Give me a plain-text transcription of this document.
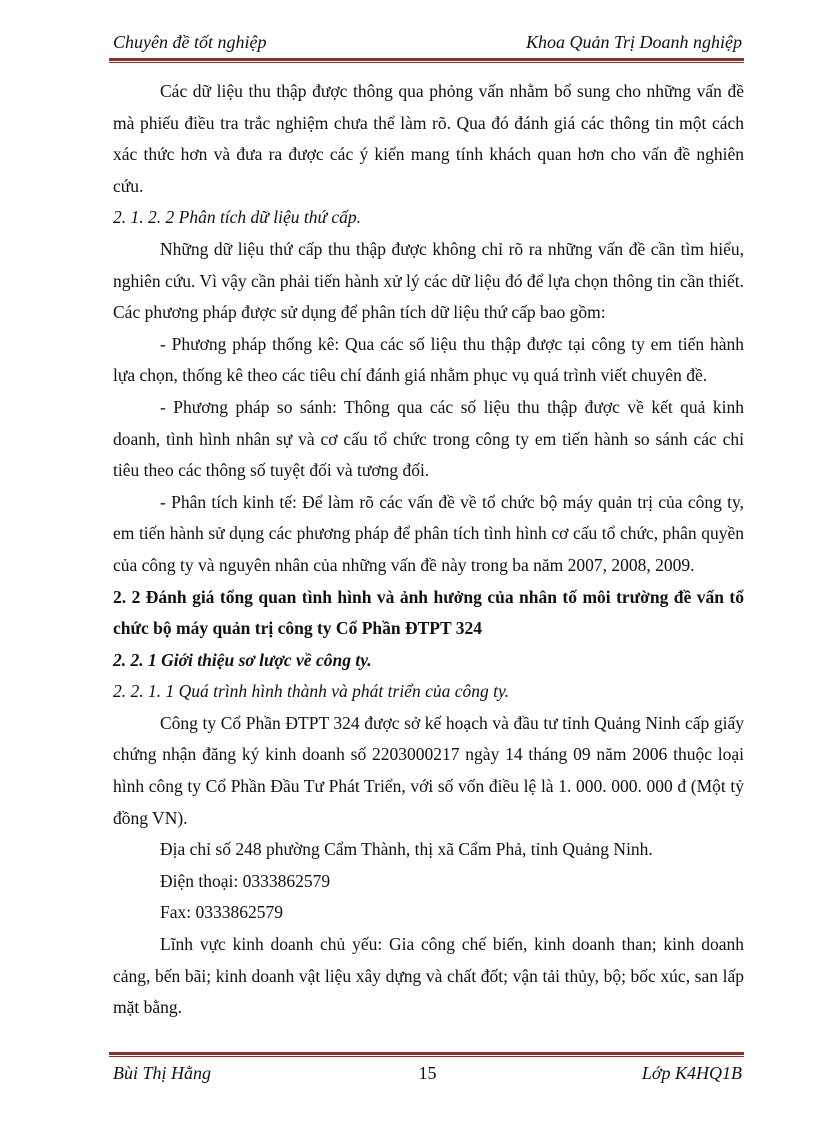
Chuyên đề tốt nghiệp	Khoa Quản Trị Doanh nghiệp

Các dữ liệu thu thập được thông qua phỏng vấn nhằm bổ sung cho những vấn đề mà phiếu điều tra trắc nghiệm chưa thể làm rõ. Qua đó đánh giá các thông tin một cách xác thức hơn và đưa ra được các ý kiến mang tính khách quan hơn cho vấn đề nghiên cứu.

2. 1. 2. 2 Phân tích dữ liệu thứ cấp.

Những dữ liệu thứ cấp thu thập được không chỉ rõ ra những vấn đề cần tìm hiểu, nghiên cứu. Vì vậy cần phải tiến hành xử lý các dữ liệu đó để lựa chọn thông tin cần thiết. Các phương pháp được sử dụng để phân tích dữ liệu thứ cấp bao gồm:

- Phương pháp thống kê: Qua các số liệu thu thập được tại công ty em tiến hành lựa chọn, thống kê theo các tiêu chí đánh giá nhằm phục vụ quá trình viết chuyên đề.

- Phương pháp so sánh: Thông qua các số liệu thu thập được về kết quả kinh doanh, tình hình nhân sự và cơ cấu tổ chức trong công ty em tiến hành so sánh các chỉ tiêu theo các thông số tuyệt đối và tương đối.

- Phân tích kinh tế: Để làm rõ các vấn đề về tổ chức bộ máy quản trị của công ty, em tiến hành sử dụng các phương pháp để phân tích tình hình cơ cấu tổ chức, phân quyền của công ty và nguyên nhân của những vấn đề này trong ba năm 2007, 2008, 2009.

2. 2 Đánh giá tổng quan tình hình và ảnh hưởng của nhân tố môi trường đề vấn tổ chức bộ máy quản trị công ty Cổ Phần ĐTPT 324

2. 2. 1 Giới thiệu sơ lược về công ty.

2. 2. 1. 1 Quá trình hình thành và phát triển của công ty.

Công ty Cổ Phần ĐTPT 324 được sở kế hoạch và đầu tư tỉnh Quảng Ninh cấp giấy chứng nhận đăng ký kinh doanh số 2203000217 ngày 14 tháng 09 năm 2006 thuộc loại hình công ty Cổ Phần Đầu Tư Phát Triển, với số vốn điều lệ là 1. 000. 000. 000 đ (Một tỷ đồng VN).

Địa chỉ số 248 phường Cẩm Thành, thị xã Cẩm Phả, tỉnh Quảng Ninh.

Điện thoại: 0333862579

Fax: 0333862579

Lĩnh vực kinh doanh chủ yếu: Gia công chế biến, kinh doanh than; kinh doanh cảng, bến bãi; kinh doanh vật liệu xây dựng và chất đốt; vận tải thủy, bộ; bốc xúc, san lấp mặt bằng.

Bùi Thị Hằng	15	Lớp K4HQ1B
